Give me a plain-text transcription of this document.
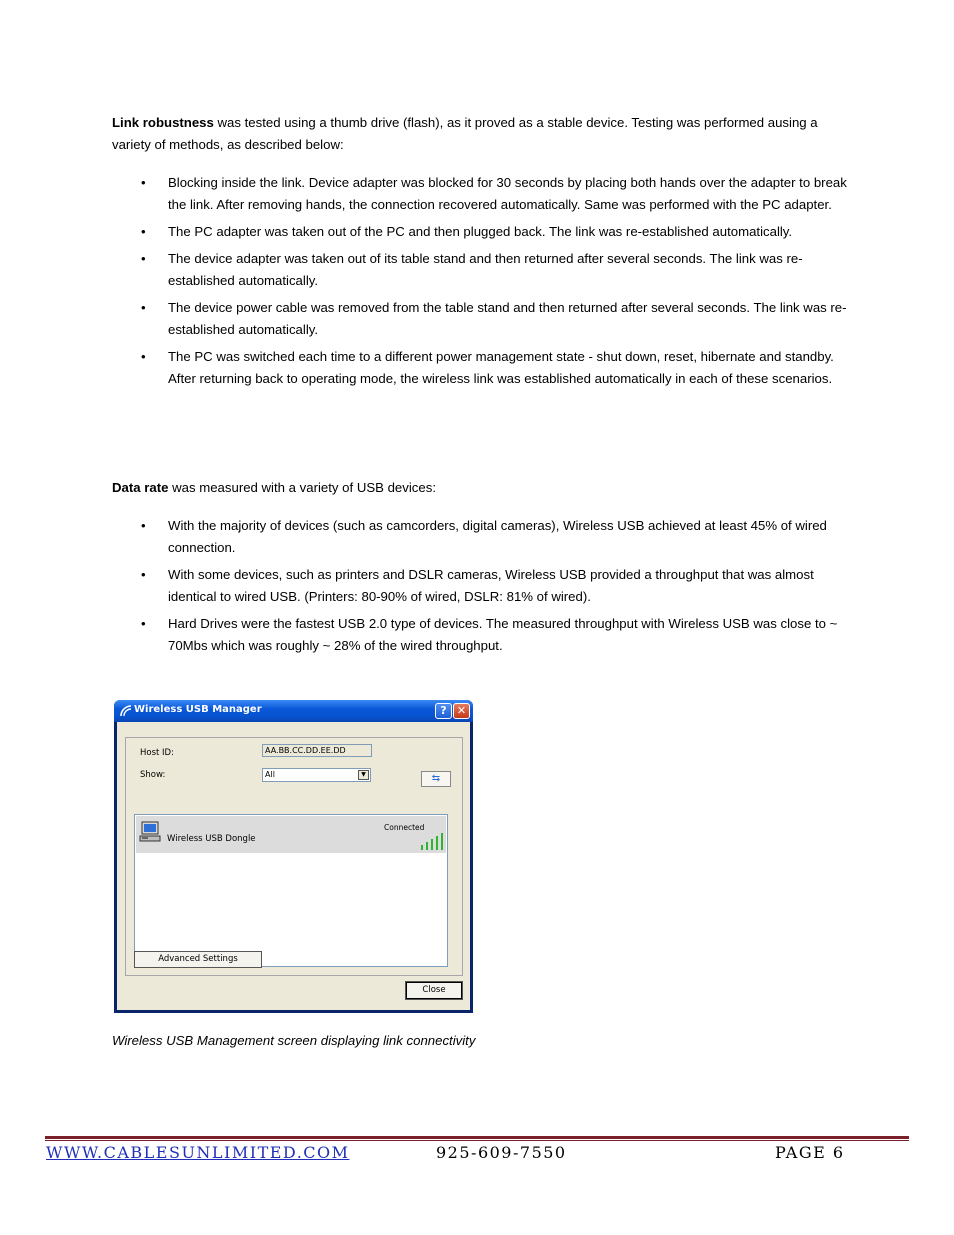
Link robustness was tested using a thumb drive (flash), as it proved as a stable device. Testing was performed ausing a variety of methods, as described below:
• Blocking inside the link. Device adapter was blocked for 30 seconds by placing both hands over the adapter to break the link. After removing hands, the connection recovered automatically. Same was performed with the PC adapter.
• The PC adapter was taken out of the PC and then plugged back. The link was re-established automatically.
• The device adapter was taken out of its table stand and then returned after several seconds. The link was re-established automatically.
• The device power cable was removed from the table stand and then returned after several seconds. The link was re-established automatically.
• The PC was switched each time to a different power management state - shut down, reset, hibernate and standby. After returning back to operating mode, the wireless link was established automatically in each of these scenarios.
Data rate was measured with a variety of USB devices:
• With the majority of devices (such as camcorders, digital cameras), Wireless USB achieved at least 45% of wired connection.
• With some devices, such as printers and DSLR cameras, Wireless USB provided a throughput that was almost identical to wired USB. (Printers: 80-90% of wired, DSLR: 81% of wired).
• Hard Drives were the fastest USB 2.0 type of devices. The measured throughput with Wireless USB was close to ~ 70Mbs which was roughly ~ 28% of the wired throughput.
Wireless USB Manager	? ✕
Host ID:	AA.BB.CC.DD.EE.DD
Show:	All	▼	⇆
Wireless USB Dongle
Connected
Advanced Settings
Close
Wireless USB Management screen displaying link connectivity
WWW.CABLESUNLIMITED.COM	925-609-7550	PAGE 6
